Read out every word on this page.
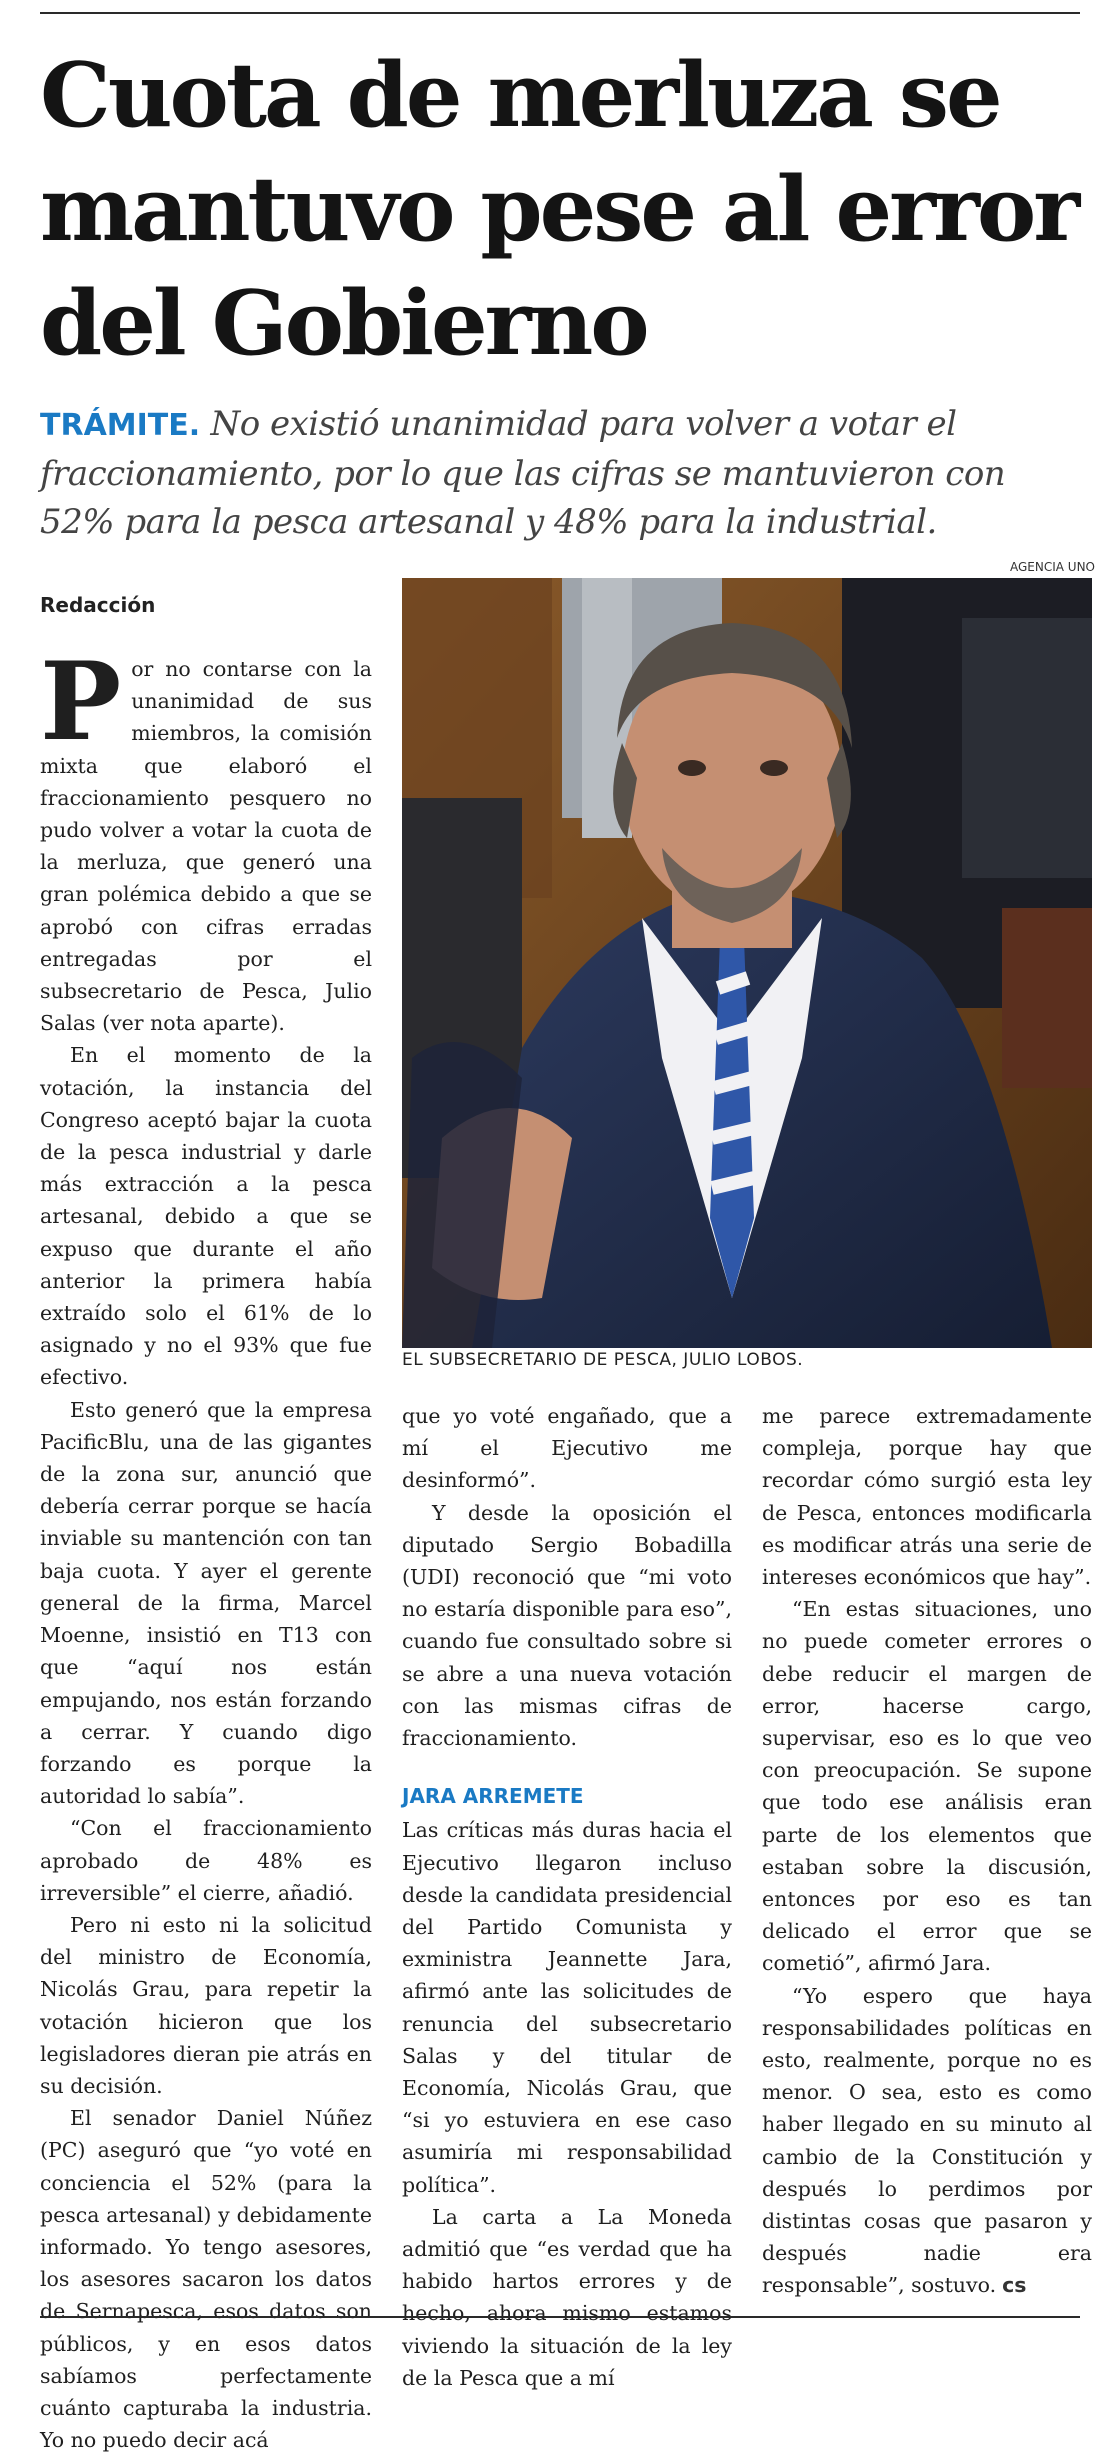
Cuota de merluza se mantuvo pese al error del Gobierno

TRÁMITE. No existió unanimidad para volver a votar el fraccionamiento, por lo que las cifras se mantuvieron con 52% para la pesca artesanal y 48% para la industrial.

AGENCIA UNO
Redacción

Por no contarse con la unanimidad de sus miembros, la comisión mixta que elaboró el fraccionamiento pesquero no pudo volver a votar la cuota de la merluza, que generó una gran polémica debido a que se aprobó con cifras erradas entregadas por el subsecretario de Pesca, Julio Salas (ver nota aparte).

En el momento de la votación, la instancia del Congreso aceptó bajar la cuota de la pesca industrial y darle más extracción a la pesca artesanal, debido a que se expuso que durante el año anterior la primera había extraído solo el 61% de lo asignado y no el 93% que fue efectivo.

Esto generó que la empresa PacificBlu, una de las gigantes de la zona sur, anunció que debería cerrar porque se hacía inviable su mantención con tan baja cuota. Y ayer el gerente general de la firma, Marcel Moenne, insistió en T13 con que “aquí nos están empujando, nos están forzando a cerrar. Y cuando digo forzando es porque la autoridad lo sabía”.

“Con el fraccionamiento aprobado de 48% es irreversible” el cierre, añadió.

Pero ni esto ni la solicitud del ministro de Economía, Nicolás Grau, para repetir la votación hicieron que los legisladores dieran pie atrás en su decisión.

El senador Daniel Núñez (PC) aseguró que “yo voté en conciencia el 52% (para la pesca artesanal) y debidamente informado. Yo tengo asesores, los asesores sacaron los datos de Sernapesca, esos datos son públicos, y en esos datos sabíamos perfectamente cuánto capturaba la industria. Yo no puedo decir acá

EL SUBSECRETARIO DE PESCA, JULIO LOBOS.

que yo voté engañado, que a mí el Ejecutivo me desinformó”.

Y desde la oposición el diputado Sergio Bobadilla (UDI) reconoció que “mi voto no estaría disponible para eso”, cuando fue consultado sobre si se abre a una nueva votación con las mismas cifras de fraccionamiento.

JARA ARREMETE

Las críticas más duras hacia el Ejecutivo llegaron incluso desde la candidata presidencial del Partido Comunista y exministra Jeannette Jara, afirmó ante las solicitudes de renuncia del subsecretario Salas y del titular de Economía, Nicolás Grau, que “si yo estuviera en ese caso asumiría mi responsabilidad política”.

La carta a La Moneda admitió que “es verdad que ha habido hartos errores y de hecho, ahora mismo estamos viviendo la situación de la ley de la Pesca que a mí

me parece extremadamente compleja, porque hay que recordar cómo surgió esta ley de Pesca, entonces modificarla es modificar atrás una serie de intereses económicos que hay”.

“En estas situaciones, uno no puede cometer errores o debe reducir el margen de error, hacerse cargo, supervisar, eso es lo que veo con preocupación. Se supone que todo ese análisis eran parte de los elementos que estaban sobre la discusión, entonces por eso es tan delicado el error que se cometió”, afirmó Jara.

“Yo espero que haya responsabilidades políticas en esto, realmente, porque no es menor. O sea, esto es como haber llegado en su minuto al cambio de la Constitución y después lo perdimos por distintas cosas que pasaron y después nadie era responsable”, sostuvo. cs
